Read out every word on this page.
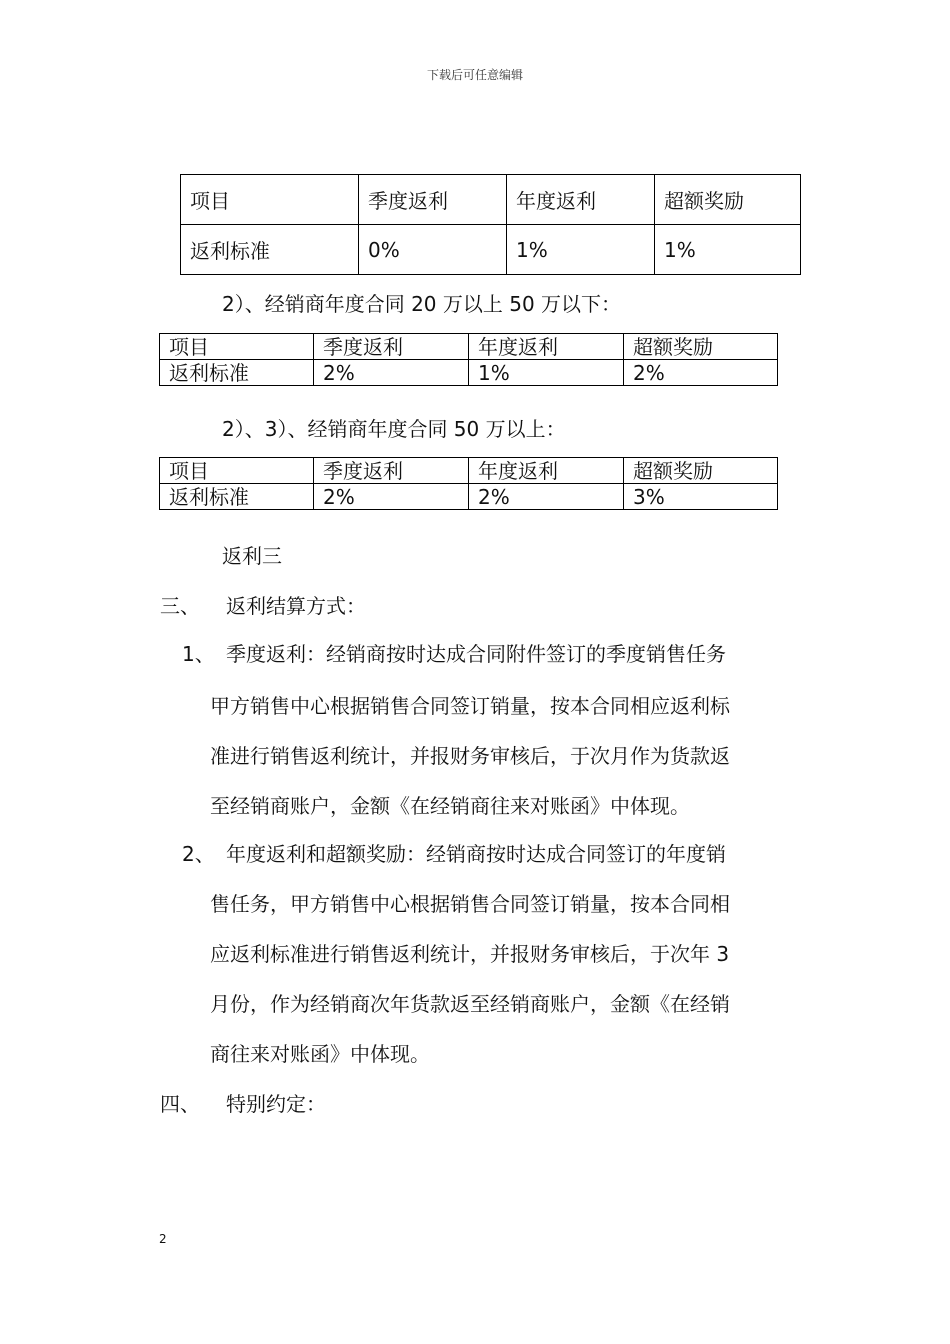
下载后可任意编辑
项目	季度返利	年度返利	超额奖励
返利标准	0%	1%	1%
2）、经销商年度合同 20 万以上 50 万以下：
项目	季度返利	年度返利	超额奖励
返利标准	2%	1%	2%
2）、3）、经销商年度合同 50 万以上：
项目	季度返利	年度返利	超额奖励
返利标准	2%	2%	3%
返利三
三、 返利结算方式：
1、 季度返利：经销商按时达成合同附件签订的季度销售任务
甲方销售中心根据销售合同签订销量，按本合同相应返利标
准进行销售返利统计，并报财务审核后，于次月作为货款返
至经销商账户，金额《在经销商往来对账函》中体现。
2、 年度返利和超额奖励：经销商按时达成合同签订的年度销
售任务，甲方销售中心根据销售合同签订销量，按本合同相
应返利标准进行销售返利统计，并报财务审核后，于次年 3
月份，作为经销商次年货款返至经销商账户，金额《在经销
商往来对账函》中体现。
四、 特别约定：
2
